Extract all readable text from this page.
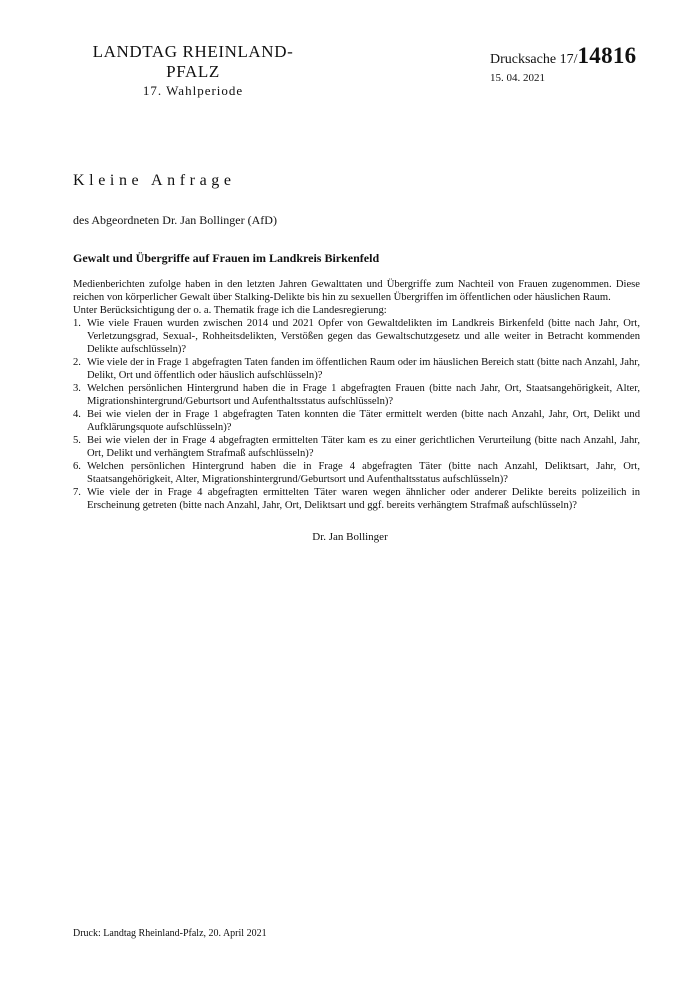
LANDTAG RHEINLAND-PFALZ
17. Wahlperiode
Drucksache 17/14816
15. 04. 2021
Kleine Anfrage
des Abgeordneten Dr. Jan Bollinger (AfD)
Gewalt und Übergriffe auf Frauen im Landkreis Birkenfeld

Medienberichten zufolge haben in den letzten Jahren Gewalttaten und Übergriffe zum Nachteil von Frauen zugenommen. Diese reichen von körperlicher Gewalt über Stalking-Delikte bis hin zu sexuellen Übergriffen im öffentlichen oder häuslichen Raum.

Unter Berücksichtigung der o. a. Thematik frage ich die Landesregierung:

1. Wie viele Frauen wurden zwischen 2014 und 2021 Opfer von Gewaltdelikten im Landkreis Birkenfeld (bitte nach Jahr, Ort, Verletzungsgrad, Sexual-, Rohheitsdelikten, Verstößen gegen das Gewaltschutzgesetz und alle weiter in Betracht kommenden Delikte aufschlüsseln)?
2. Wie viele der in Frage 1 abgefragten Taten fanden im öffentlichen Raum oder im häuslichen Bereich statt (bitte nach Anzahl, Jahr, Delikt, Ort und öffentlich oder häuslich aufschlüsseln)?
3. Welchen persönlichen Hintergrund haben die in Frage 1 abgefragten Frauen (bitte nach Jahr, Ort, Staatsangehörigkeit, Alter, Migrationshintergrund/Geburtsort und Aufenthaltsstatus aufschlüsseln)?
4. Bei wie vielen der in Frage 1 abgefragten Taten konnten die Täter ermittelt werden (bitte nach Anzahl, Jahr, Ort, Delikt und Aufklärungsquote aufschlüsseln)?
5. Bei wie vielen der in Frage 4 abgefragten ermittelten Täter kam es zu einer gerichtlichen Verurteilung (bitte nach Anzahl, Jahr, Ort, Delikt und verhängtem Strafmaß aufschlüsseln)?
6. Welchen persönlichen Hintergrund haben die in Frage 4 abgefragten Täter (bitte nach Anzahl, Deliktsart, Jahr, Ort, Staatsangehörigkeit, Alter, Migrationshintergrund/Geburtsort und Aufenthaltsstatus aufschlüsseln)?
7. Wie viele der in Frage 4 abgefragten ermittelten Täter waren wegen ähnlicher oder anderer Delikte bereits polizeilich in Erscheinung getreten (bitte nach Anzahl, Jahr, Ort, Deliktsart und ggf. bereits verhängtem Strafmaß aufschlüsseln)?
Dr. Jan Bollinger
Druck: Landtag Rheinland-Pfalz, 20. April 2021
